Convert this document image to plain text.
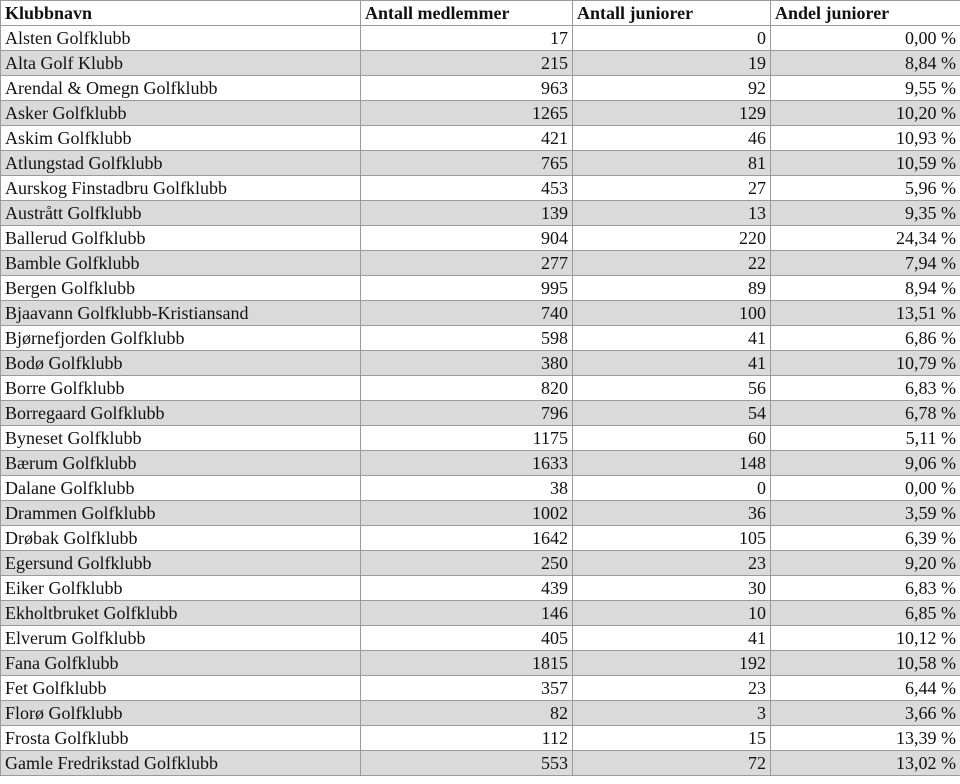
Klubbnavn	Antall medlemmer	Antall juniorer	Andel juniorer
Alsten Golfklubb	17	0	0,00 %
Alta Golf Klubb	215	19	8,84 %
Arendal & Omegn Golfklubb	963	92	9,55 %
Asker Golfklubb	1265	129	10,20 %
Askim Golfklubb	421	46	10,93 %
Atlungstad Golfklubb	765	81	10,59 %
Aurskog Finstadbru Golfklubb	453	27	5,96 %
Austrått Golfklubb	139	13	9,35 %
Ballerud Golfklubb	904	220	24,34 %
Bamble Golfklubb	277	22	7,94 %
Bergen Golfklubb	995	89	8,94 %
Bjaavann Golfklubb-Kristiansand	740	100	13,51 %
Bjørnefjorden Golfklubb	598	41	6,86 %
Bodø Golfklubb	380	41	10,79 %
Borre Golfklubb	820	56	6,83 %
Borregaard Golfklubb	796	54	6,78 %
Byneset Golfklubb	1175	60	5,11 %
Bærum Golfklubb	1633	148	9,06 %
Dalane Golfklubb	38	0	0,00 %
Drammen Golfklubb	1002	36	3,59 %
Drøbak Golfklubb	1642	105	6,39 %
Egersund Golfklubb	250	23	9,20 %
Eiker Golfklubb	439	30	6,83 %
Ekholtbruket Golfklubb	146	10	6,85 %
Elverum Golfklubb	405	41	10,12 %
Fana Golfklubb	1815	192	10,58 %
Fet Golfklubb	357	23	6,44 %
Florø Golfklubb	82	3	3,66 %
Frosta Golfklubb	112	15	13,39 %
Gamle Fredrikstad Golfklubb	553	72	13,02 %
